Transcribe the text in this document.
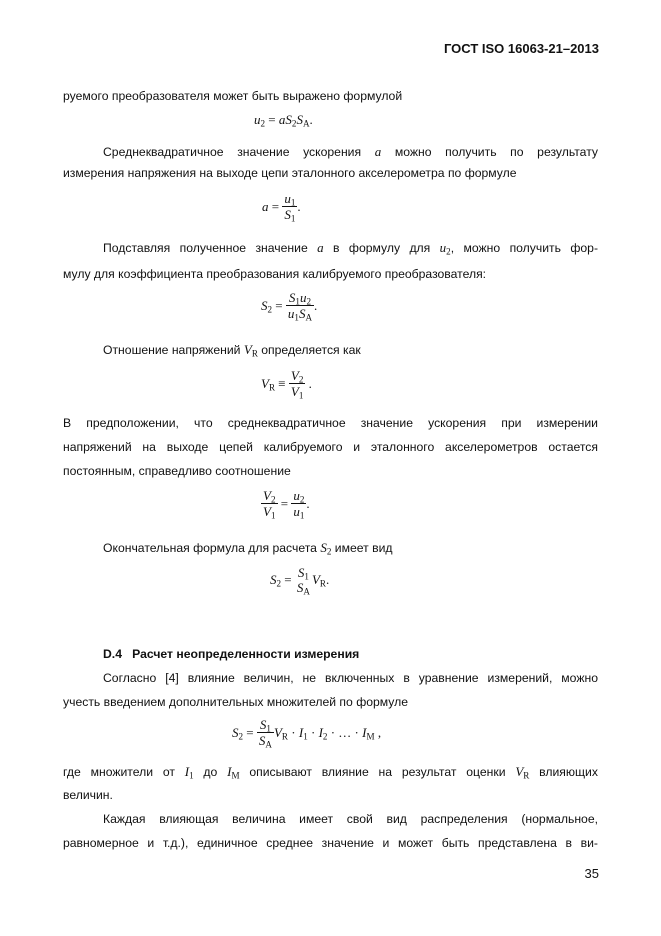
ГОСТ ISO 16063-21–2013
руемого преобразователя может быть выражено формулой
$u_2 = aS_2S_A$ .
Среднеквадратичное значение ускорения a можно получить по результату
измерения напряжения на выходе цепи эталонного акселерометра по формуле
$a = \frac{u_1}{S_1}$ .
Подставляя полученное значение a в формулу для $u_2$, можно получить фор-
мулу для коэффициента преобразования калибруемого преобразователя:
$S_2 = \frac{S_1u_2}{u_1S_A}$ .
Отношение напряжений $V_R$ определяется как
$V_R \equiv \frac{V_2}{V_1}$ .
В предположении, что среднеквадратичное значение ускорения при измерении
напряжений на выходе цепей калибруемого и эталонного акселерометров остается
постоянным, справедливо соотношение
$\frac{V_2}{V_1} = \frac{u_2}{u_1}$ .
Окончательная формула для расчета $S_2$ имеет вид
$S_2 = S_1$
$S_A$
$V_R$ .
D.4 Расчет неопределенности измерения
Согласно [4] влияние величин, не включенных в уравнение измерений, можно
учесть введением дополнительных множителей по формуле
$S_2 = \frac{S_1}{S_A} V_R \cdot I_1 \cdot I_2$ · … · $I_M$ ,
где множители от $I_1$ до $I_M$ описывают влияние на результат оценки $V_R$ влияющих
величин.
Каждая влияющая величина имеет свой вид распределения (нормальное,
равномерное и т.д.), единичное среднее значение и может быть представлена в ви-
35
